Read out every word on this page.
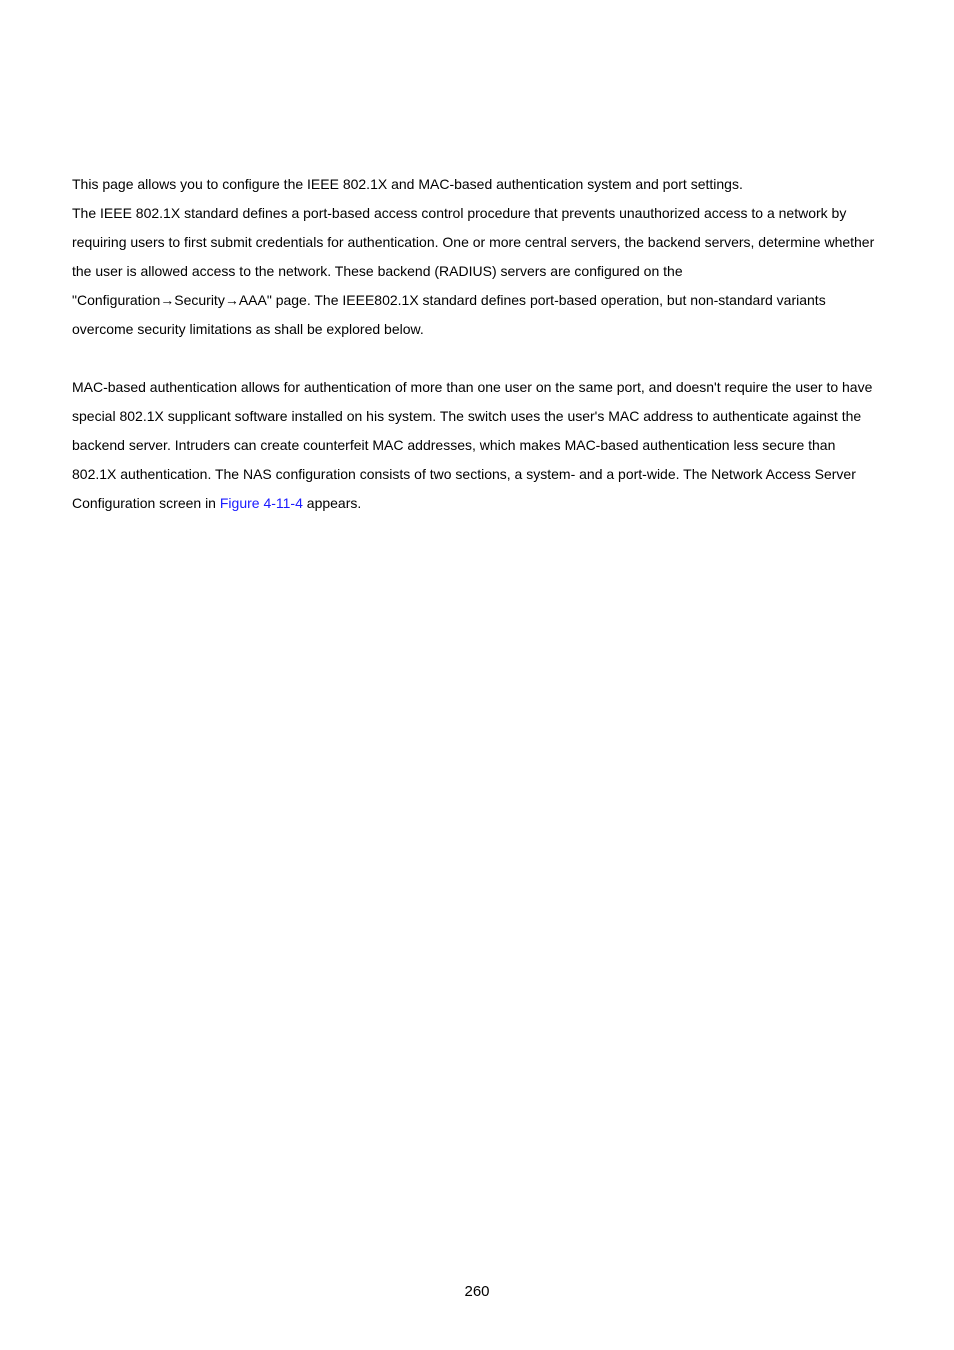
This page allows you to configure the IEEE 802.1X and MAC-based authentication system and port settings.

The IEEE 802.1X standard defines a port-based access control procedure that prevents unauthorized access to a network by requiring users to first submit credentials for authentication. One or more central servers, the backend servers, determine whether the user is allowed access to the network. These backend (RADIUS) servers are configured on the "Configuration→Security→AAA" page. The IEEE802.1X standard defines port-based operation, but non-standard variants overcome security limitations as shall be explored below.

MAC-based authentication allows for authentication of more than one user on the same port, and doesn't require the user to have special 802.1X supplicant software installed on his system. The switch uses the user's MAC address to authenticate against the backend server. Intruders can create counterfeit MAC addresses, which makes MAC-based authentication less secure than 802.1X authentication. The NAS configuration consists of two sections, a system- and a port-wide. The Network Access Server Configuration screen in Figure 4-11-4 appears.

260
